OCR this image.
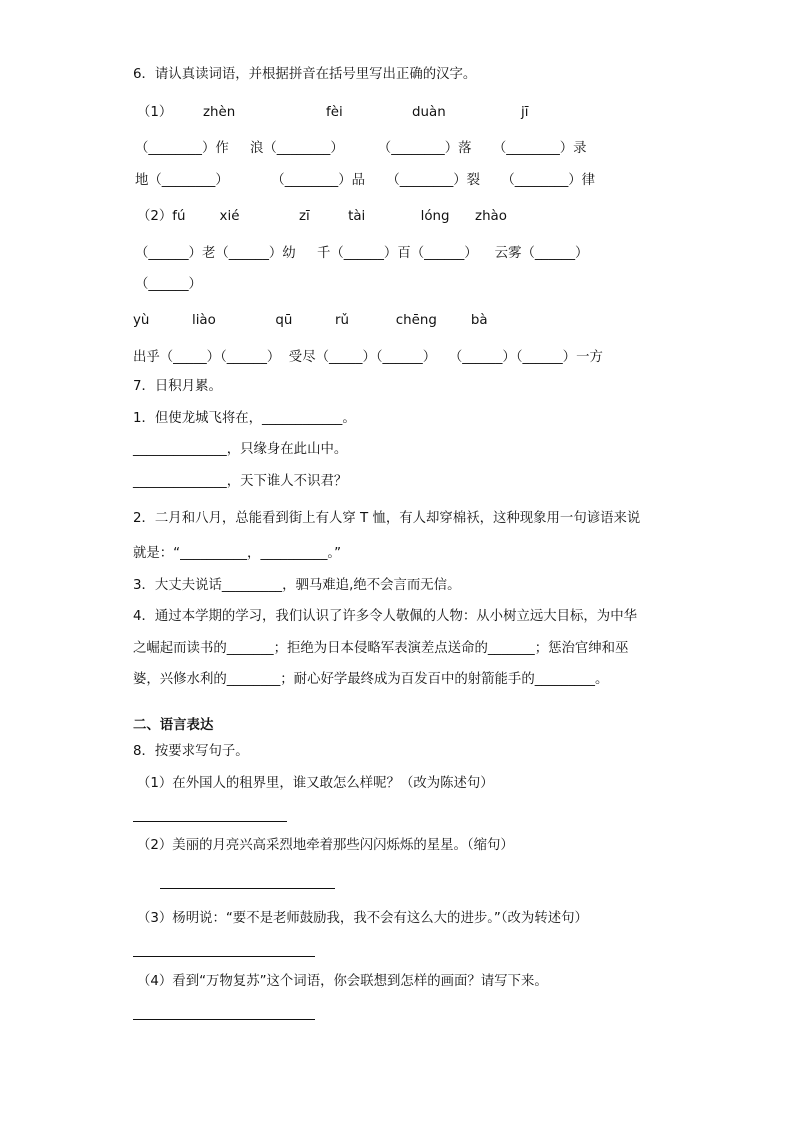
6．请认真读词语，并根据拼音在括号里写出正确的汉字。
（1） zhèn	fèi	duàn	jī
（________）作     浪（________）        （________）落     （________）录
地（________）          （________）品     （________）裂     （________）律
（2）fú        xié              zī         tài             lóng      zhào
（______）老（______）幼     千（______）百（______）    云雾（______）
（______）
yù          liào              qū          rǔ           chēng        bà
出乎（_____）（______）  受尽（_____）（______）   （______）（______）一方
7．日积月累。
1．但使龙城飞将在，____________。
______________，只缘身在此山中。
______________，天下谁人不识君？
2．二月和八月，总能看到街上有人穿 T 恤，有人却穿棉袄，这种现象用一句谚语来说
就是：“__________，__________。”
3．大丈夫说话_________，驷马难追,绝不会言而无信。
4．通过本学期的学习，我们认识了许多令人敬佩的人物：从小树立远大目标，为中华
之崛起而读书的_______；拒绝为日本侵略军表演差点送命的_______；惩治官绅和巫
婆，兴修水利的________；耐心好学最终成为百发百中的射箭能手的_________。
二、语言表达
8．按要求写句子。
（1）在外国人的租界里，谁又敢怎么样呢？（改为陈述句）
（2）美丽的月亮兴高采烈地牵着那些闪闪烁烁的星星。（缩句）
（3）杨明说：“要不是老师鼓励我，我不会有这么大的进步。”（改为转述句）
（4）看到“万物复苏”这个词语，你会联想到怎样的画面？请写下来。
